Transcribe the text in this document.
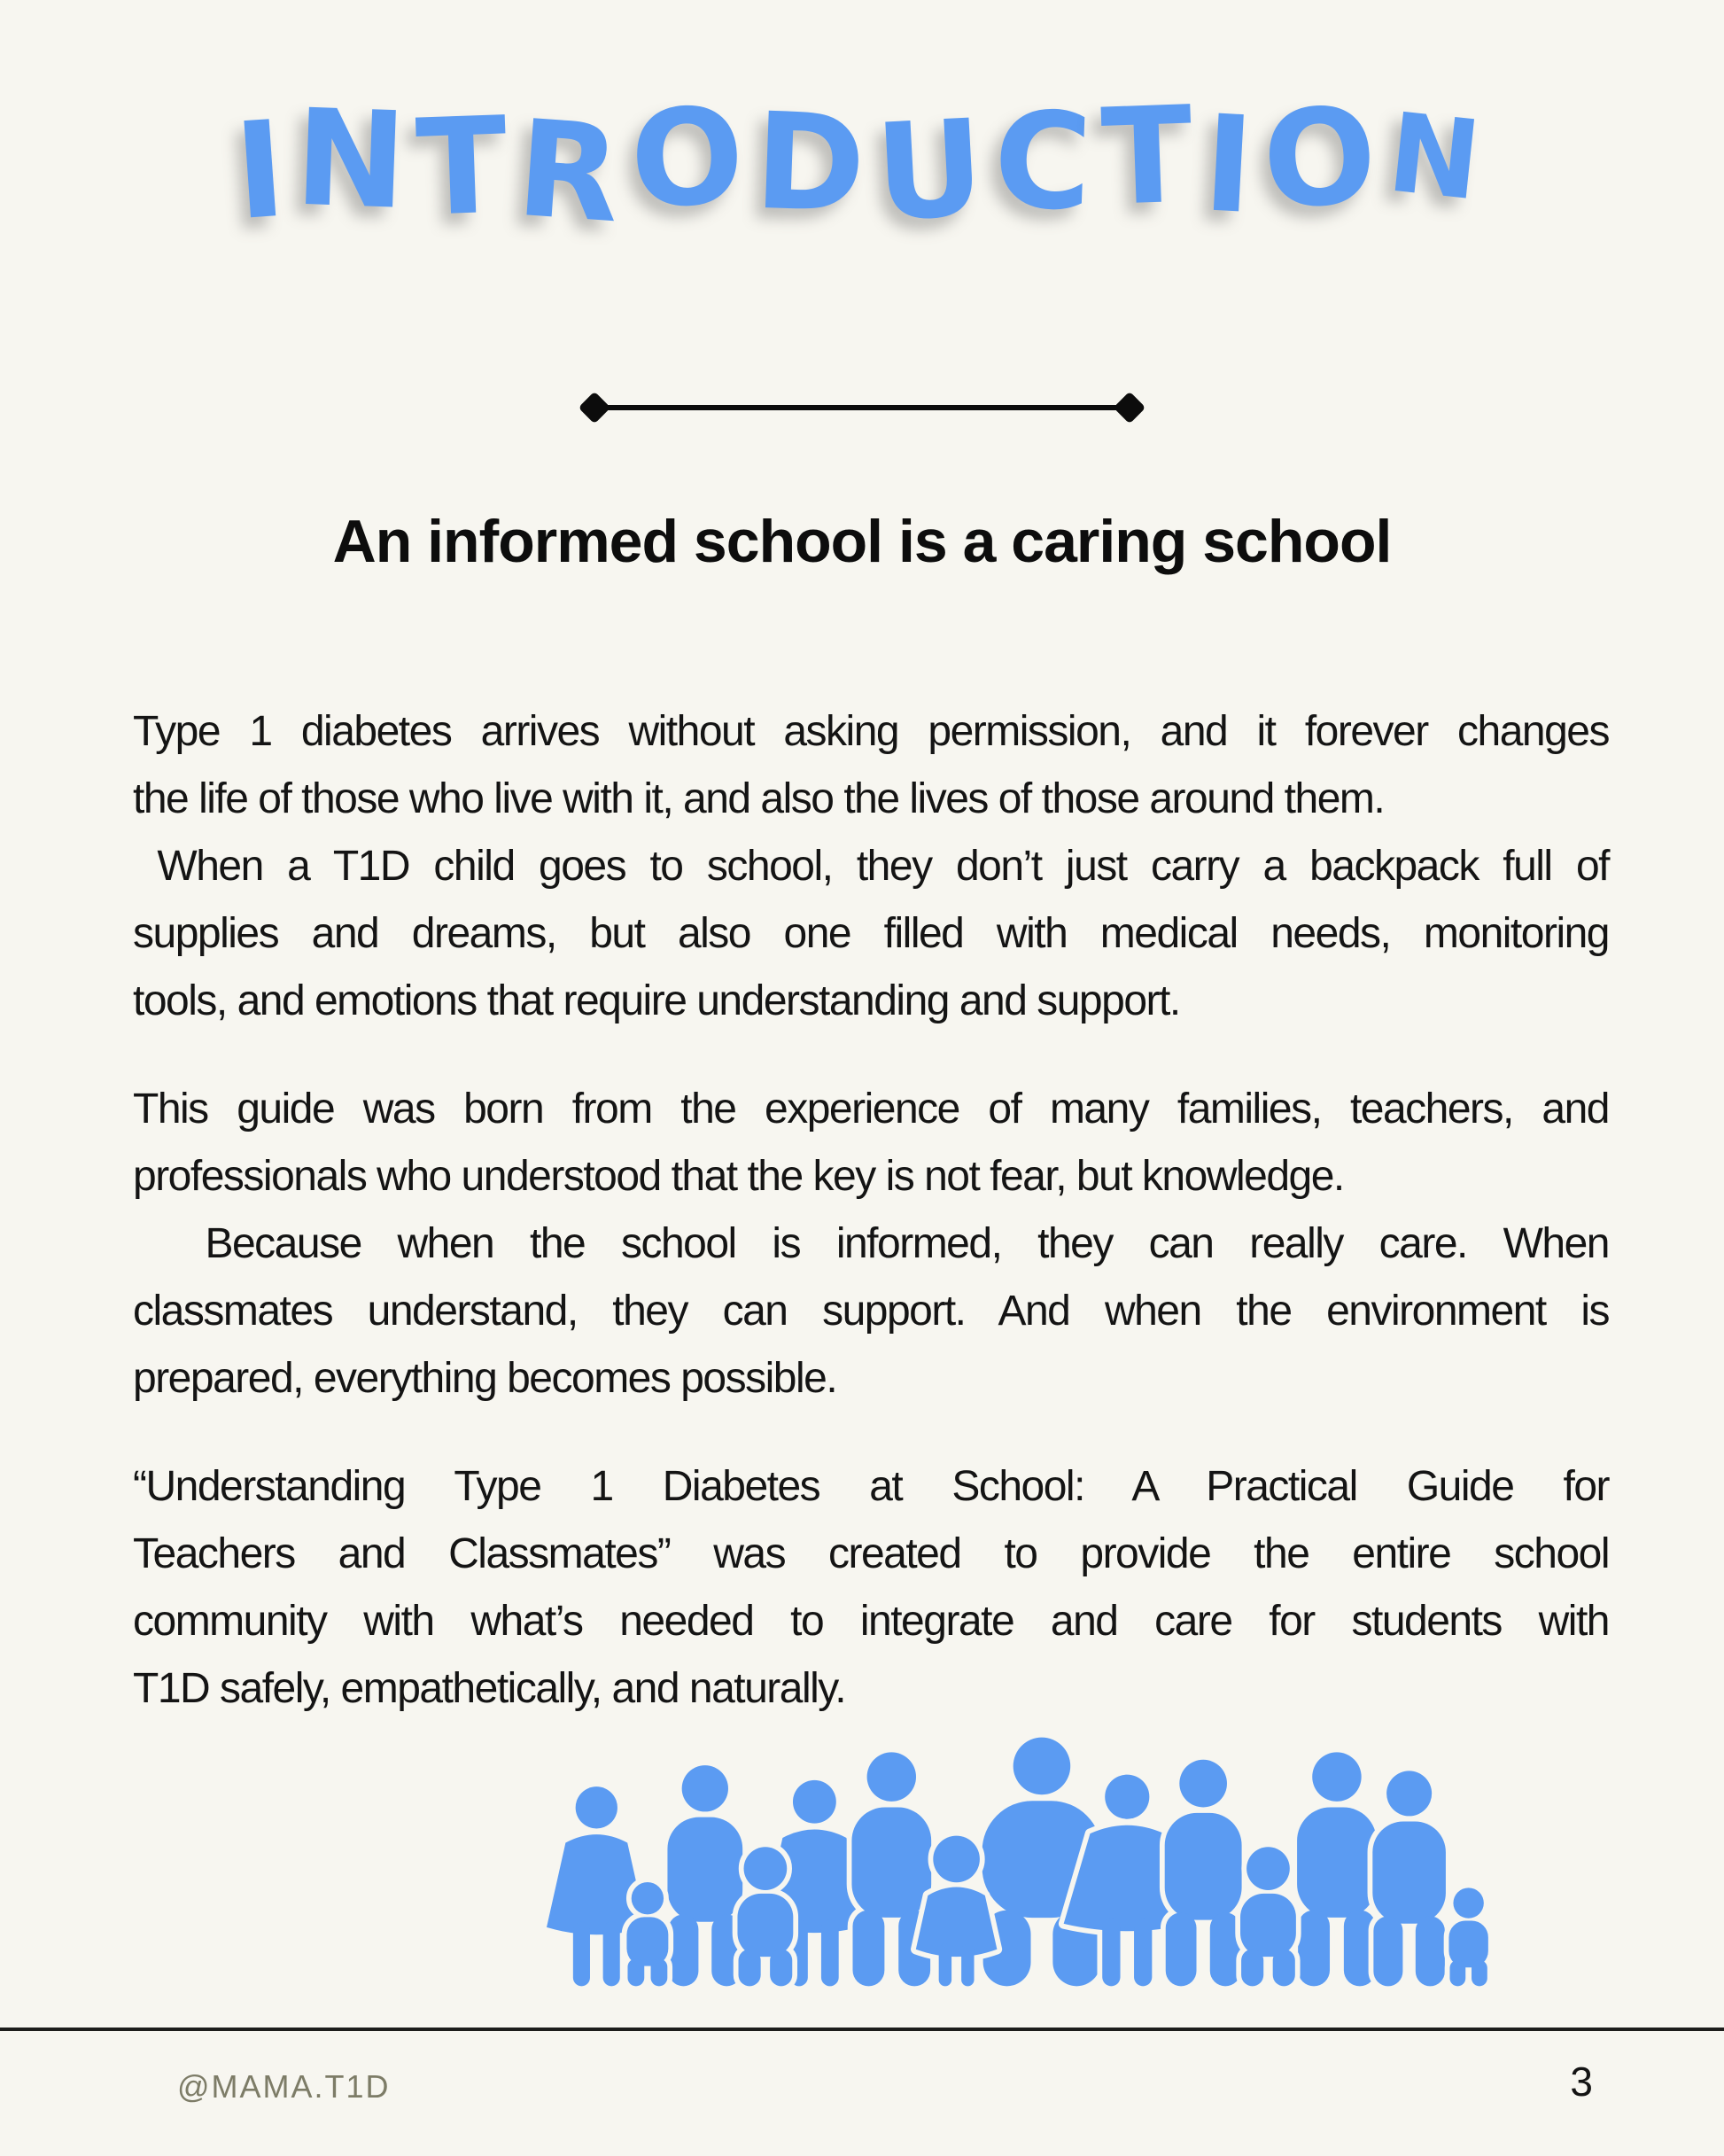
INTRODUCTION
An informed school is a caring school
Type 1 diabetes arrives without asking permission, and it forever changes
the life of those who live with it, and also the lives of those around them.
When a T1D child goes to school, they don’t just carry a backpack full of
supplies and dreams, but also one filled with medical needs, monitoring
tools, and emotions that require understanding and support.
This guide was born from the experience of many families, teachers, and
professionals who understood that the key is not fear, but knowledge.
Because when the school is informed, they can really care. When
classmates understand, they can support. And when the environment is
prepared, everything becomes possible.
“Understanding Type 1 Diabetes at School: A Practical Guide for
Teachers and Classmates” was created to provide the entire school
community with what’s needed to integrate and care for students with
T1D safely, empathetically, and naturally.
@MAMA.T1D	3
